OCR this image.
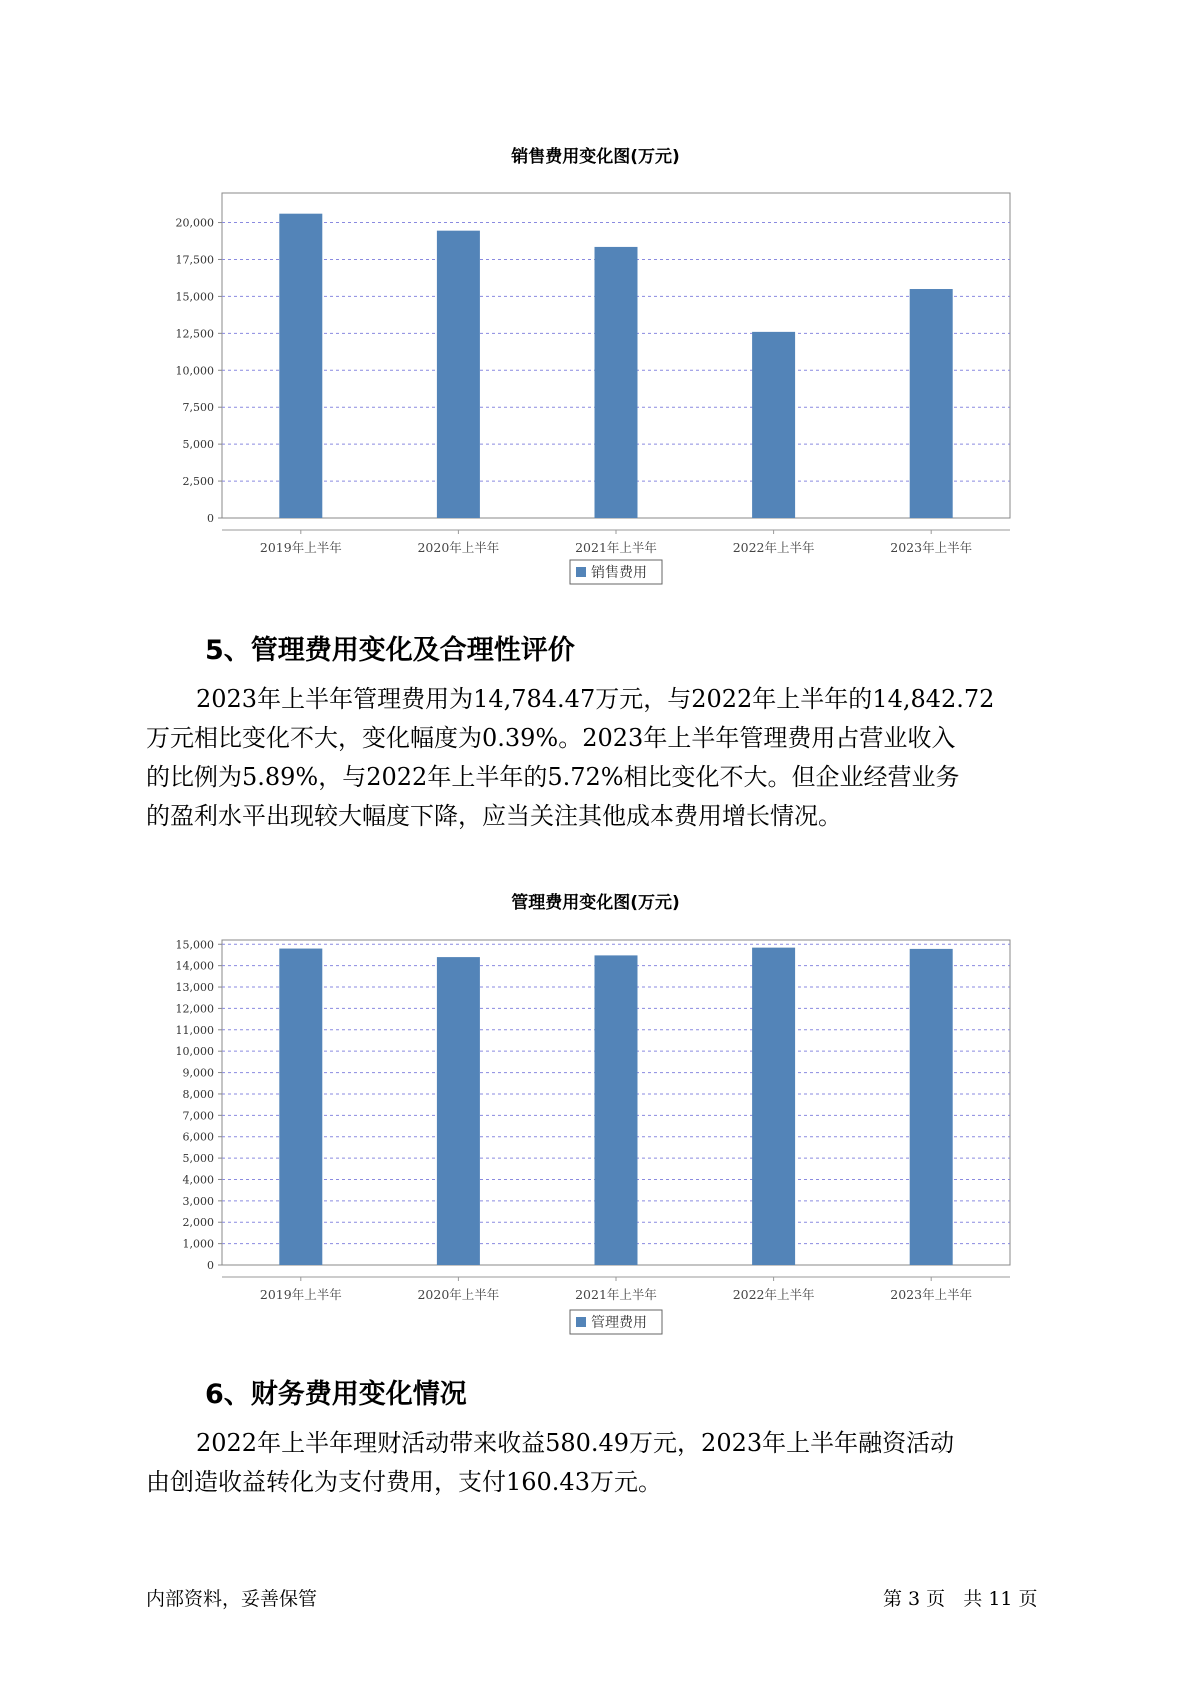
销售费用变化图(万元)
0
2,500
5,000
7,500
10,000
12,500
15,000
17,500
20,000
2019年上半年	2020年上半年	2021年上半年	2022年上半年	2023年上半年
销售费用
5、管理费用变化及合理性评价
2023年上半年管理费用为14,784.47万元，与2022年上半年的14,842.72
万元相比变化不大，变化幅度为0.39%。2023年上半年管理费用占营业收入
的比例为5.89%，与2022年上半年的5.72%相比变化不大。但企业经营业务
的盈利水平出现较大幅度下降，应当关注其他成本费用增长情况。
管理费用变化图(万元)
0
1,000
2,000
3,000
4,000
5,000
6,000
7,000
8,000
9,000
10,000
11,000
12,000
13,000
14,000
15,000
2019年上半年	2020年上半年	2021年上半年	2022年上半年	2023年上半年
管理费用
6、财务费用变化情况
2022年上半年理财活动带来收益580.49万元，2023年上半年融资活动
由创造收益转化为支付费用，支付160.43万元。
内部资料，妥善保管	第 3 页   共 11 页
